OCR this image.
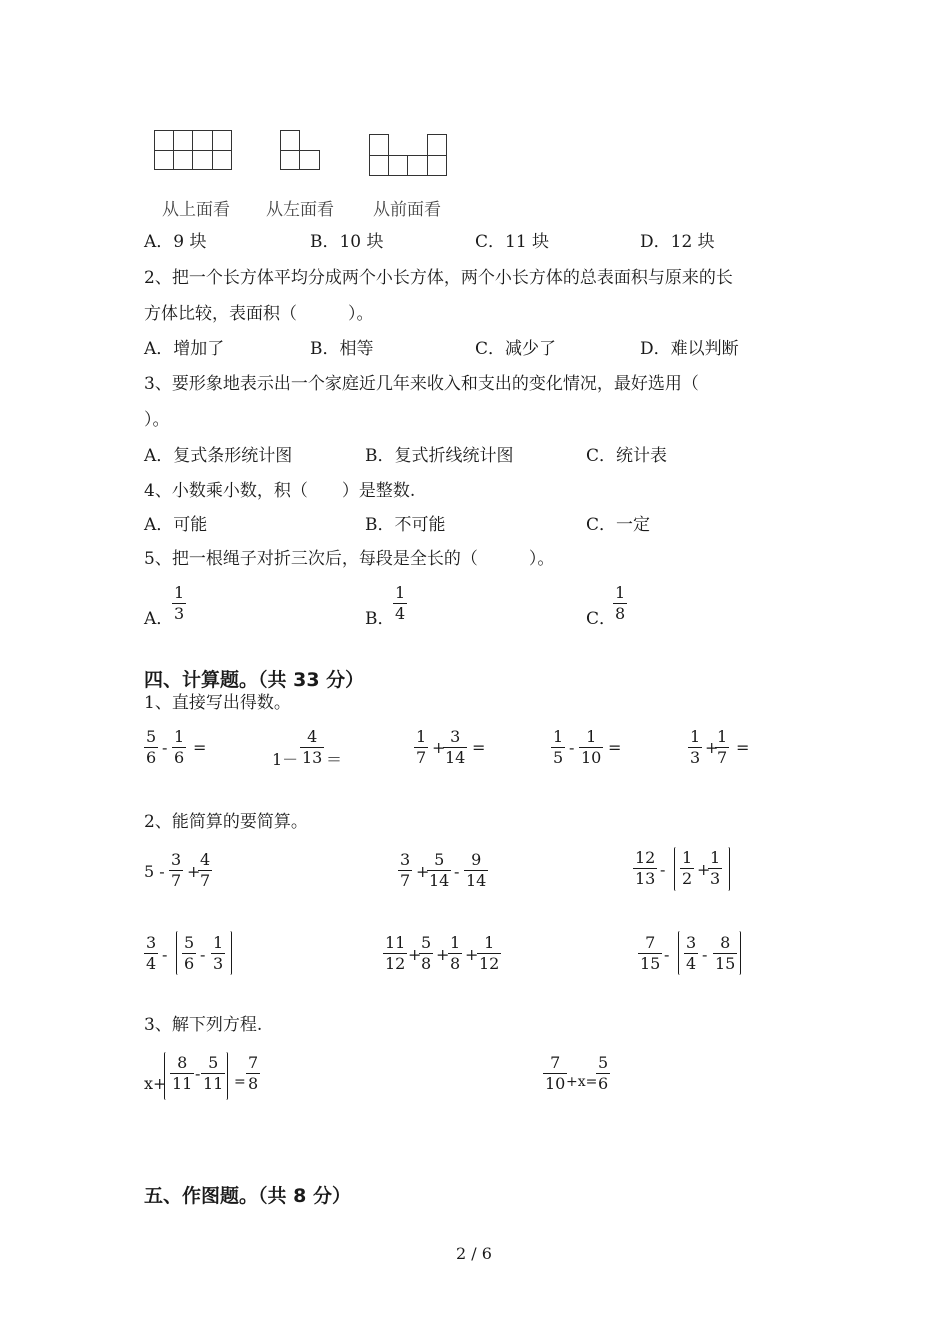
从上面看 从左面看 从前面看
A．9 块	B．10 块	C．11 块	D．12 块
2、把一个长方体平均分成两个小长方体，两个小长方体的总表面积与原来的长
方体比较，表面积（　　　）。
A．增加了	B．相等	C．减少了	D．难以判断
3、要形象地表示出一个家庭近几年来收入和支出的变化情况，最好选用（
）。
A．复式条形统计图	B．复式折线统计图	C．统计表
4、小数乘小数，积（　　）是整数.
A．可能	B．不可能	C．一定
5、把一根绳子对折三次后，每段是全长的（　　　）。
A．
1
3	B．
1
4	C．
1
8
四、计算题。（共 33 分）
1、直接写出得数。
5
6
-
1
6
=
1－
4
13 ＝
1
7
+
3
14
=
1
5
-
1
10
=
1
3
+
1
7
=
2、能简算的要简算。
5 -
3
7 +
4
7
3
7 +
5
14 -
9
14
12
13 -
1
2 +
1
3
3
4 -
5
6 -
1
3
11
12 +
5
8 +
1
8 +
1
12
7
15 -
3
4 -
8
15
3、解下列方程.
x+
8
11
-
5
11 =
7
8
7
10 +x=
5
6
五、作图题。（共 8 分）
2 / 6
